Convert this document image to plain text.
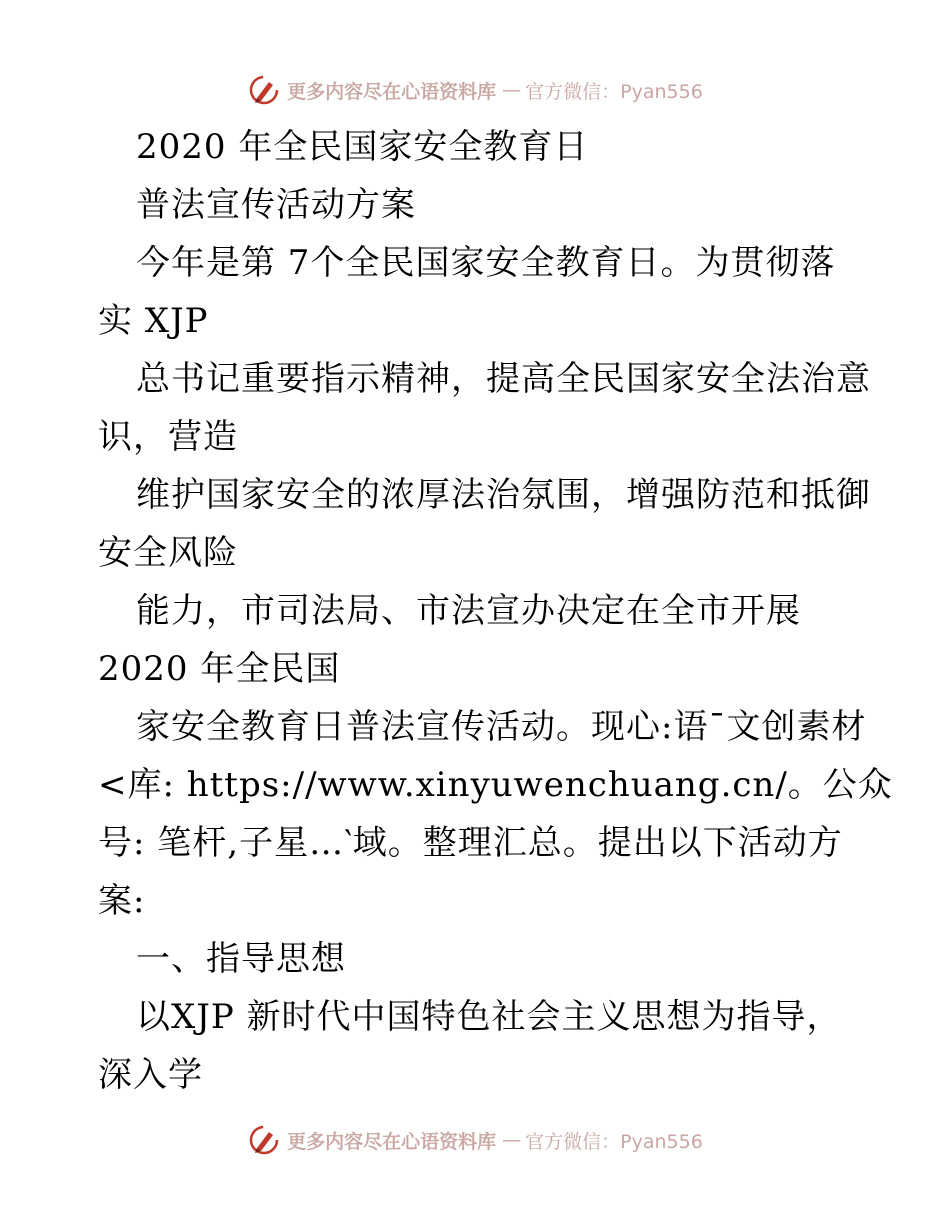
更多内容尽在心语资料库 — 官方微信：Pyan556
2020 年全民国家安全教育日
普法宣传活动方案
今年是第 7个全民国家安全教育日。为贯彻落
实 XJP
总书记重要指示精神，提高全民国家安全法治意
识，营造
维护国家安全的浓厚法治氛围，增强防范和抵御
安全风险
能力，市司法局、市法宣办决定在全市开展
2020 年全民国
家安全教育日普法宣传活动。现心:语¯文创素材
<库: https://www.xinyuwenchuang.cn/。公众
号: 笔杆,子星…‵域。整理汇总。提出以下活动方
案:
一、指导思想
以XJP 新时代中国特色社会主义思想为指导，
深入学
更多内容尽在心语资料库 — 官方微信：Pyan556
